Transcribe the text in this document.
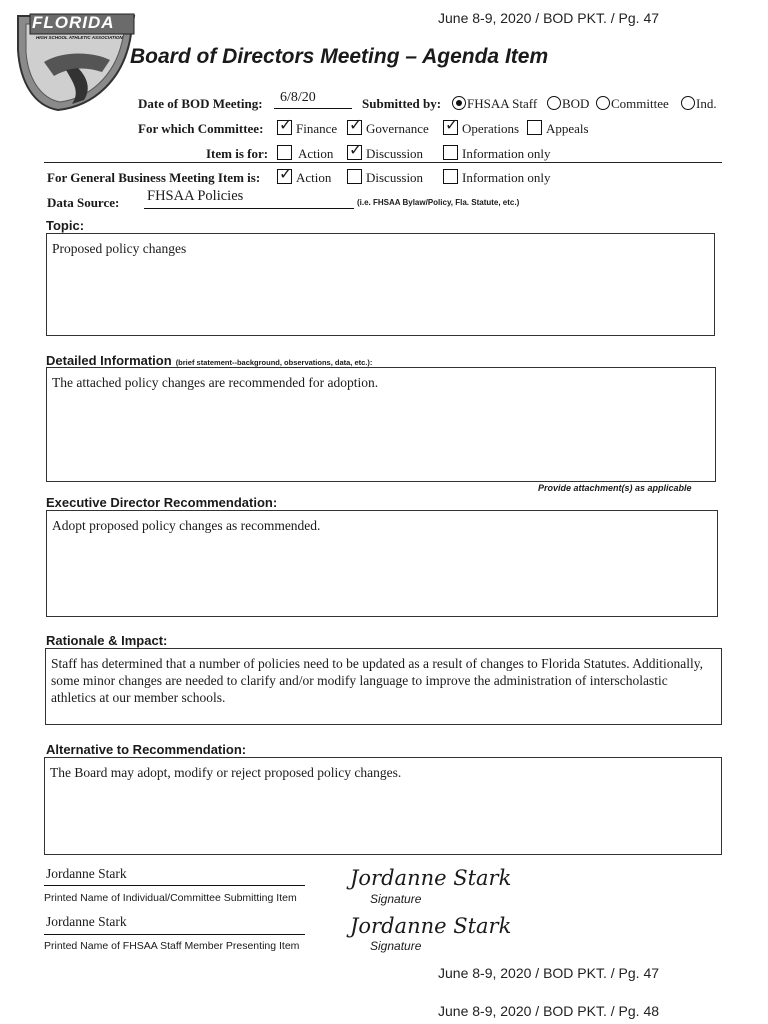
June 8-9, 2020 / BOD PKT. / Pg. 47
FLORIDA
HIGH SCHOOL ATHLETIC ASSOCIATION
Board of Directors Meeting – Agenda Item
Date of BOD Meeting: 6/8/20	Submitted by: FHSAA Staff BOD Committee Ind.
For which Committee: ✓ Finance ✓ Governance ✓ Operations Appeals
Item is for: Action ✓ Discussion	Information only
For General Business Meeting Item is: ✓ Action	Discussion	Information only
Data Source: FHSAA Policies	(i.e. FHSAA Bylaw/Policy, Fla. Statute, etc.)
Topic:
Proposed policy changes
Detailed Information (brief statement--background, observations, data, etc.):
The attached policy changes are recommended for adoption.
Provide attachment(s) as applicable
Executive Director Recommendation:
Adopt proposed policy changes as recommended.
Rationale & Impact:
Staff has determined that a number of policies need to be updated as a result of changes to Florida Statutes. Additionally, some minor changes are needed to clarify and/or modify language to improve the administration of interscholastic athletics at our member schools.
Alternative to Recommendation:
The Board may adopt, modify or reject proposed policy changes.
Jordanne Stark
Printed Name of Individual/Committee Submitting Item
Jordanne Stark
Signature
Jordanne Stark
Printed Name of FHSAA Staff Member Presenting Item
Jordanne Stark
Signature
June 8-9, 2020 / BOD PKT. / Pg. 47
June 8-9, 2020 / BOD PKT. / Pg. 48
